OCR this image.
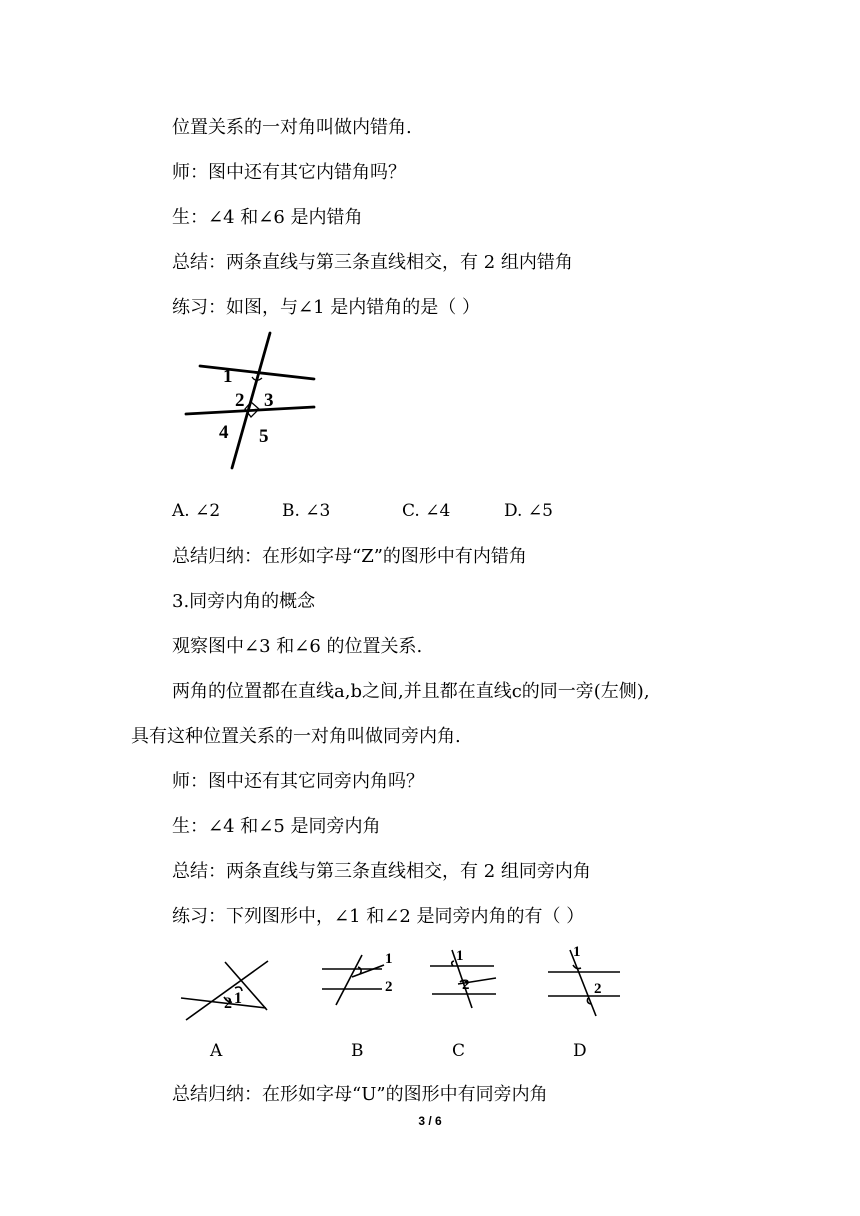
位置关系的一对角叫做内错角.
师：图中还有其它内错角吗？
生：∠4 和∠6 是内错角
总结：两条直线与第三条直线相交，有 2 组内错角
练习：如图，与∠1 是内错角的是（ ）
1
2 3
4 5
A. ∠2	B. ∠3	C. ∠4	D. ∠5
总结归纳：在形如字母“Z”的图形中有内错角
3.同旁内角的概念
观察图中∠3 和∠6 的位置关系.
两角的位置都在直线a,b之间,并且都在直线c的同一旁(左侧),
具有这种位置关系的一对角叫做同旁内角.
师：图中还有其它同旁内角吗？
生：∠4 和∠5 是同旁内角
总结：两条直线与第三条直线相交，有 2 组同旁内角
练习：下列图形中，∠1 和∠2 是同旁内角的有（ ）
2 1
1
2
1
2
1
2
A	B	C	D
总结归纳：在形如字母“U”的图形中有同旁内角
3 / 6
